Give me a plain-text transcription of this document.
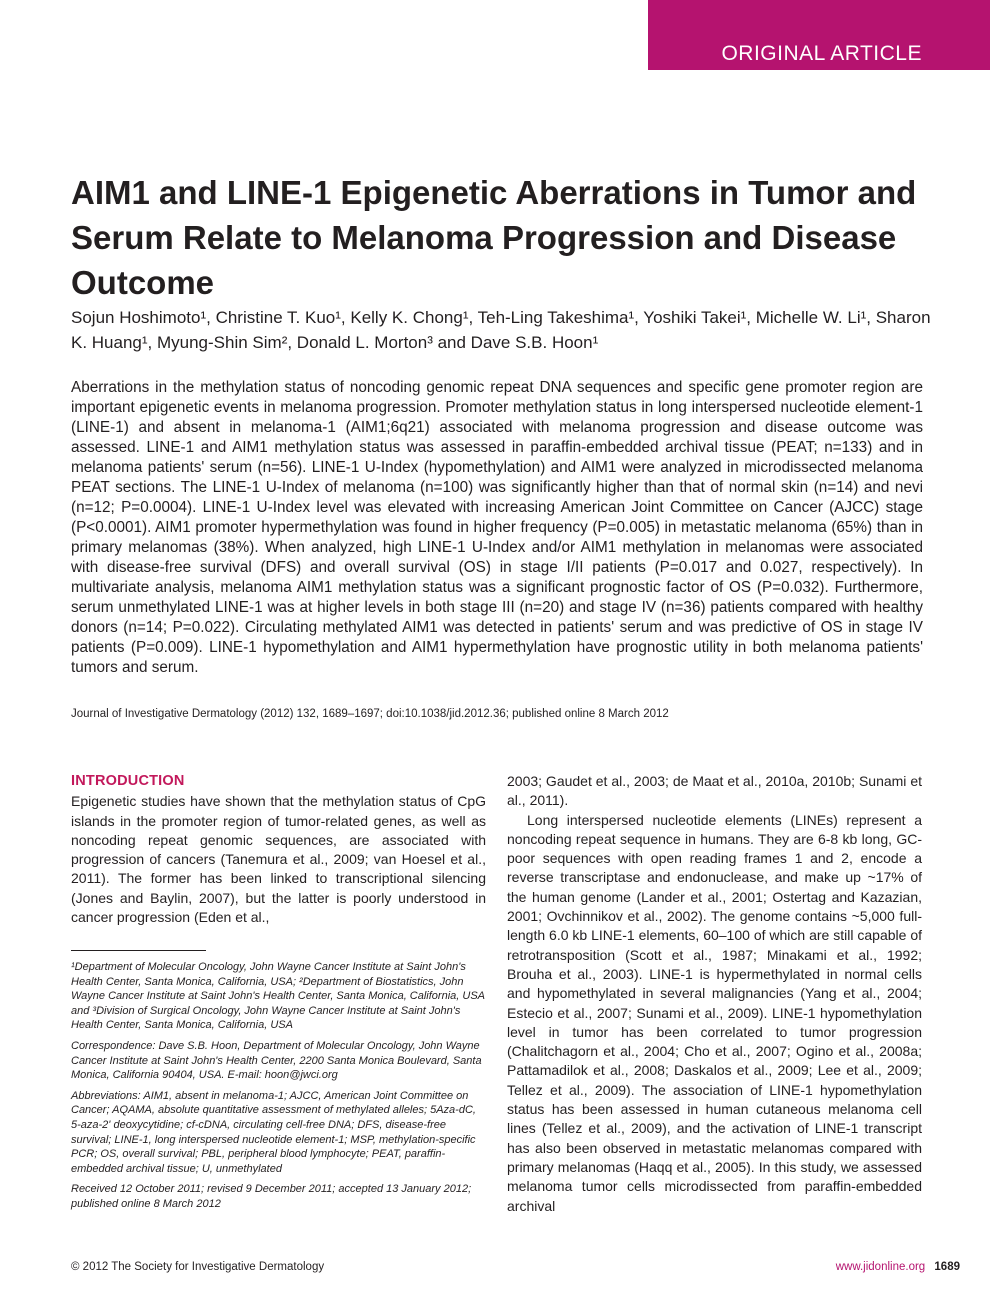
ORIGINAL ARTICLE
AIM1 and LINE-1 Epigenetic Aberrations in Tumor and Serum Relate to Melanoma Progression and Disease Outcome

Sojun Hoshimoto¹, Christine T. Kuo¹, Kelly K. Chong¹, Teh-Ling Takeshima¹, Yoshiki Takei¹, Michelle W. Li¹, Sharon K. Huang¹, Myung-Shin Sim², Donald L. Morton³ and Dave S.B. Hoon¹

Aberrations in the methylation status of noncoding genomic repeat DNA sequences and specific gene promoter region are important epigenetic events in melanoma progression. Promoter methylation status in long interspersed nucleotide element-1 (LINE-1) and absent in melanoma-1 (AIM1;6q21) associated with melanoma progression and disease outcome was assessed. LINE-1 and AIM1 methylation status was assessed in paraffin-embedded archival tissue (PEAT; n=133) and in melanoma patients' serum (n=56). LINE-1 U-Index (hypomethylation) and AIM1 were analyzed in microdissected melanoma PEAT sections. The LINE-1 U-Index of melanoma (n=100) was significantly higher than that of normal skin (n=14) and nevi (n=12; P=0.0004). LINE-1 U-Index level was elevated with increasing American Joint Committee on Cancer (AJCC) stage (P<0.0001). AIM1 promoter hypermethylation was found in higher frequency (P=0.005) in metastatic melanoma (65%) than in primary melanomas (38%). When analyzed, high LINE-1 U-Index and/or AIM1 methylation in melanomas were associated with disease-free survival (DFS) and overall survival (OS) in stage I/II patients (P=0.017 and 0.027, respectively). In multivariate analysis, melanoma AIM1 methylation status was a significant prognostic factor of OS (P=0.032). Furthermore, serum unmethylated LINE-1 was at higher levels in both stage III (n=20) and stage IV (n=36) patients compared with healthy donors (n=14; P=0.022). Circulating methylated AIM1 was detected in patients' serum and was predictive of OS in stage IV patients (P=0.009). LINE-1 hypomethylation and AIM1 hypermethylation have prognostic utility in both melanoma patients' tumors and serum.

Journal of Investigative Dermatology (2012) 132, 1689–1697; doi:10.1038/jid.2012.36; published online 8 March 2012
INTRODUCTION

Epigenetic studies have shown that the methylation status of CpG islands in the promoter region of tumor-related genes, as well as noncoding repeat genomic sequences, are associated with progression of cancers (Tanemura et al., 2009; van Hoesel et al., 2011). The former has been linked to transcriptional silencing (Jones and Baylin, 2007), but the latter is poorly understood in cancer progression (Eden et al.,

¹Department of Molecular Oncology, John Wayne Cancer Institute at Saint John's Health Center, Santa Monica, California, USA; ²Department of Biostatistics, John Wayne Cancer Institute at Saint John's Health Center, Santa Monica, California, USA and ³Division of Surgical Oncology, John Wayne Cancer Institute at Saint John's Health Center, Santa Monica, California, USA

Correspondence: Dave S.B. Hoon, Department of Molecular Oncology, John Wayne Cancer Institute at Saint John's Health Center, 2200 Santa Monica Boulevard, Santa Monica, California 90404, USA. E-mail: hoon@jwci.org

Abbreviations: AIM1, absent in melanoma-1; AJCC, American Joint Committee on Cancer; AQAMA, absolute quantitative assessment of methylated alleles; 5Aza-dC, 5-aza-2' deoxycytidine; cf-cDNA, circulating cell-free DNA; DFS, disease-free survival; LINE-1, long interspersed nucleotide element-1; MSP, methylation-specific PCR; OS, overall survival; PBL, peripheral blood lymphocyte; PEAT, paraffin-embedded archival tissue; U, unmethylated

Received 12 October 2011; revised 9 December 2011; accepted 13 January 2012; published online 8 March 2012

2003; Gaudet et al., 2003; de Maat et al., 2010a, 2010b; Sunami et al., 2011).

Long interspersed nucleotide elements (LINEs) represent a noncoding repeat sequence in humans. They are 6-8 kb long, GC-poor sequences with open reading frames 1 and 2, encode a reverse transcriptase and endonuclease, and make up ~17% of the human genome (Lander et al., 2001; Ostertag and Kazazian, 2001; Ovchinnikov et al., 2002). The genome contains ~5,000 full-length 6.0 kb LINE-1 elements, 60–100 of which are still capable of retrotransposition (Scott et al., 1987; Minakami et al., 1992; Brouha et al., 2003). LINE-1 is hypermethylated in normal cells and hypomethylated in several malignancies (Yang et al., 2004; Estecio et al., 2007; Sunami et al., 2009). LINE-1 hypomethylation level in tumor has been correlated to tumor progression (Chalitchagorn et al., 2004; Cho et al., 2007; Ogino et al., 2008a; Pattamadilok et al., 2008; Daskalos et al., 2009; Lee et al., 2009; Tellez et al., 2009). The association of LINE-1 hypomethylation status has been assessed in human cutaneous melanoma cell lines (Tellez et al., 2009), and the activation of LINE-1 transcript has also been observed in metastatic melanomas compared with primary melanomas (Haqq et al., 2005). In this study, we assessed melanoma tumor cells microdissected from paraffin-embedded archival

© 2012 The Society for Investigative Dermatology	www.jidonline.org 1689
